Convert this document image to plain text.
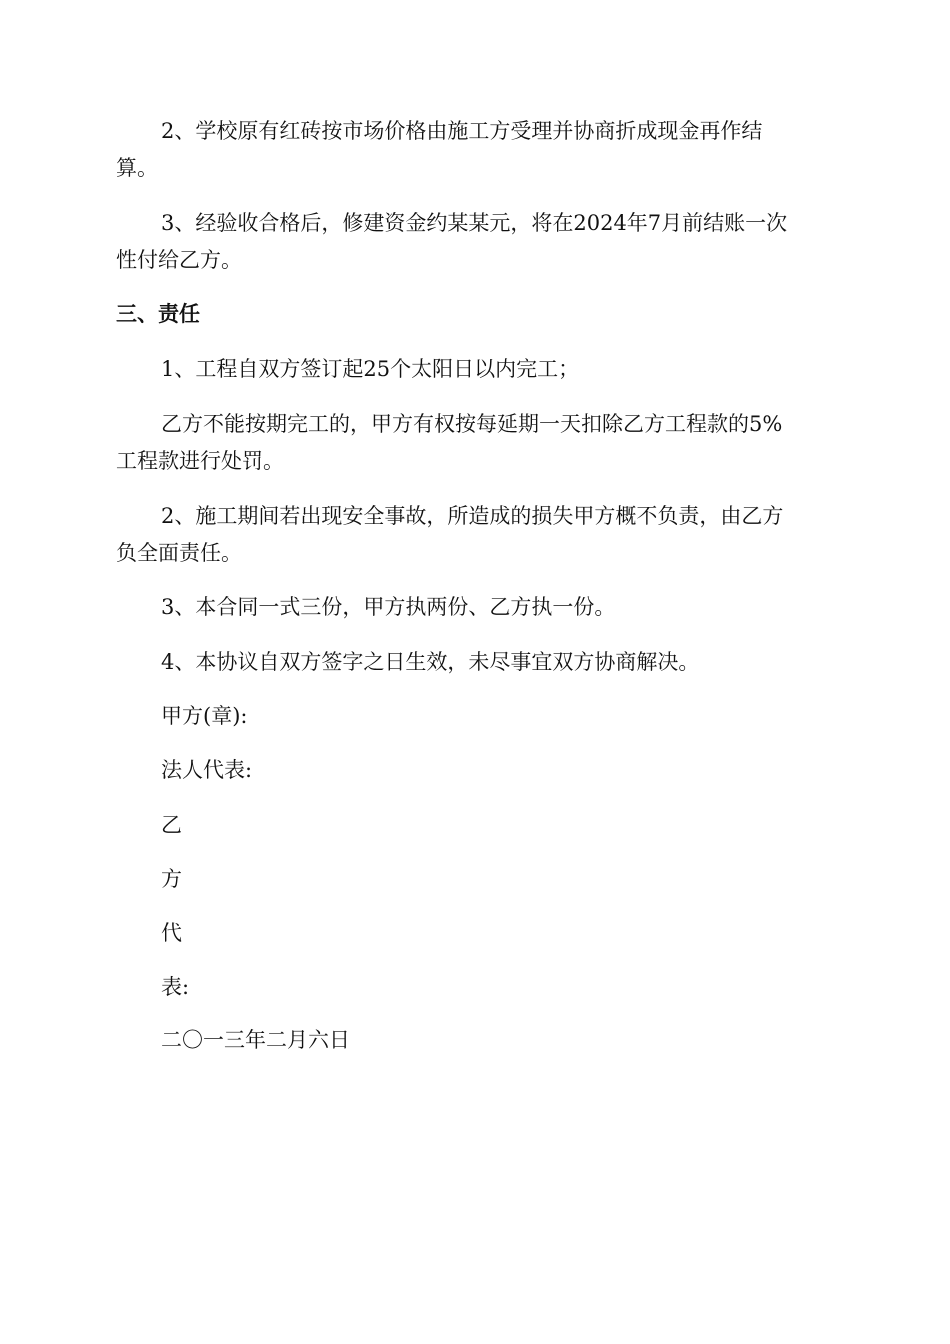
2、学校原有红砖按市场价格由施工方受理并协商折成现金再作结

算。

3、经验收合格后，修建资金约某某元，将在2024年7月前结账一次

性付给乙方。

三、责任

1、工程自双方签订起25个太阳日以内完工；

乙方不能按期完工的，甲方有权按每延期一天扣除乙方工程款的5%

工程款进行处罚。

2、施工期间若出现安全事故，所造成的损失甲方概不负责，由乙方

负全面责任。

3、本合同一式三份，甲方执两份、乙方执一份。

4、本协议自双方签字之日生效，未尽事宜双方协商解决。

甲方(章):

法人代表:

乙

方

代

表:

二〇一三年二月六日
